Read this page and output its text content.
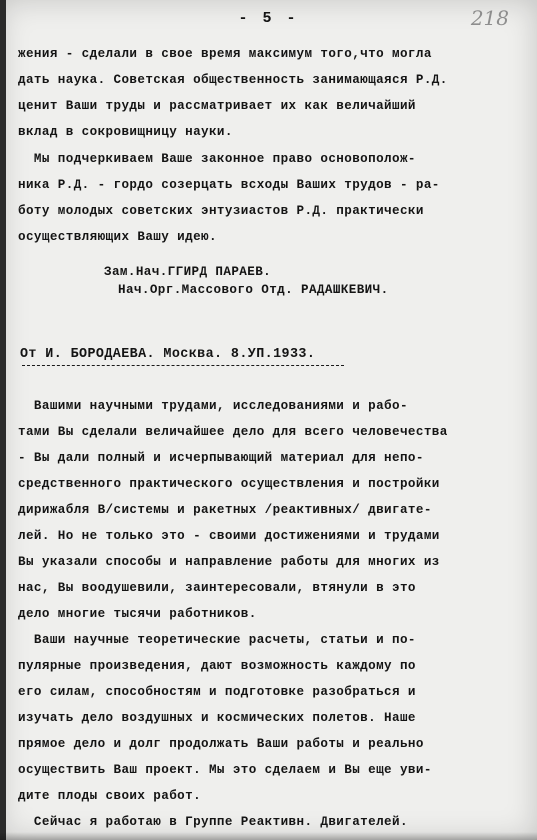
- 5 -	218
жения - сделали в свое время максимум того,что могла
дать наука. Советская общественность занимающаяся Р.Д.
ценит Ваши труды и рассматривает их как величайший
вклад в сокровищницу науки.
Мы подчеркиваем Ваше законное право основополож-
ника Р.Д. - гордо созерцать всходы Ваших трудов - ра-
боту молодых советских энтузиастов Р.Д. практически
осуществляющих Вашу идею.
Зам.Нач.ГГИРД ПАРАЕВ.
Нач.Орг.Массового Отд. РАДАШКЕВИЧ.
От И. БОРОДАЕВА. Москва. 8.УП.1933.
Вашими научными трудами, исследованиями и рабо-
тами Вы сделали величайшее дело для всего человечества
- Вы дали полный и исчерпывающий материал для непо-
средственного практического осуществления и постройки
дирижабля В/системы и ракетных /реактивных/ двигате-
лей. Но не только это - своими достижениями и трудами
Вы указали способы и направление работы для многих из
нас, Вы воодушевили, заинтересовали, втянули в это
дело многие тысячи работников.
Ваши научные теоретические расчеты, статьи и по-
пулярные произведения, дают возможность каждому по
его силам, способностям и подготовке разобраться и
изучать дело воздушных и космических полетов. Наше
прямое дело и долг продолжать Ваши работы и реально
осуществить Ваш проект. Мы это сделаем и Вы еще уви-
дите плоды своих работ.
Сейчас я работаю в Группе Реактивн. Двигателей.
